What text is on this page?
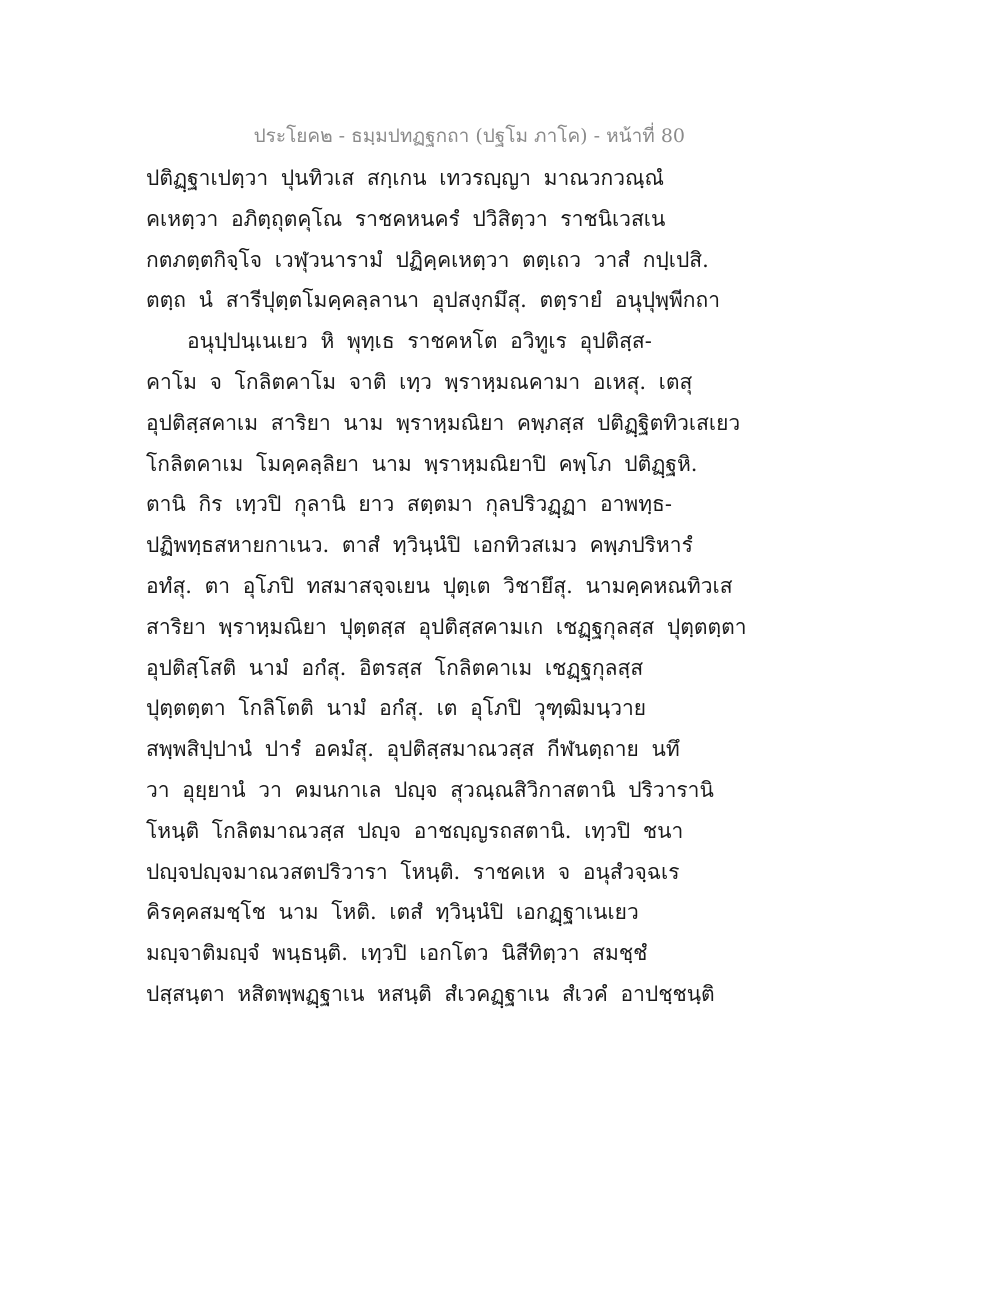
ประโยค๒ - ธมฺมปทฏฐกถา (ปฐโม ภาโค) - หน้าที่ 80
ปติฏฺฐาเปตฺวา ปุนทิวเส สกฺเกน เทวรญฺญา มาณวกวณฺณํ
คเหตฺวา อภิตฺถุตคุโณ ราชคหนครํ ปวิสิตฺวา ราชนิเวสเน
กตภตฺตกิจฺโจ เวฬุวนารามํ ปฏิคฺคเหตฺวา ตตฺเถว วาสํ กปฺเปสิ.
ตตฺถ นํ สารีปุตฺตโมคฺคลฺลานา อุปสงฺกมึสุ. ตตฺรายํ อนุปุพฺพีกถา
อนุปฺปนฺเนเยว หิ พุทฺเธ ราชคหโต อวิทูเร อุปติสฺส-
คาโม จ โกลิตคาโม จาติ เทฺว พฺราหฺมณคามา อเหสุ. เตสุ
อุปติสฺสคาเม สาริยา นาม พฺราหฺมณิยา คพฺภสฺส ปติฏฺฐิตทิวเสเยว
โกลิตคาเม โมคฺคลฺลิยา นาม พฺราหฺมณิยาปิ คพฺโภ ปติฏฺฐหิ.
ตานิ กิร เทฺวปิ กุลานิ ยาว สตฺตมา กุลปริวฏฺฏา อาพทฺธ-
ปฏิพทฺธสหายกาเนว. ตาสํ ทฺวินฺนํปิ เอกทิวสเมว คพฺภปริหารํ
อทํสุ. ตา อุโภปิ ทสมาสจฺจเยน ปุตฺเต วิชายึสุ. นามคฺคหณทิวเส
สาริยา พฺราหฺมณิยา ปุตฺตสฺส อุปติสฺสคามเก เชฏฺฐกุลสฺส ปุตฺตตฺตา
อุปติสฺโสติ นามํ อกํสุ. อิตรสฺส โกลิตคาเม เชฏฺฐกุลสฺส
ปุตฺตตฺตา โกลิโตติ นามํ อกํสุ. เต อุโภปิ วุฑฺฒิมนฺวาย
สพฺพสิปฺปานํ ปารํ อคมํสุ. อุปติสฺสมาณวสฺส กีฬนตฺถาย นทึ
วา อุยฺยานํ วา คมนกาเล ปญฺจ สุวณฺณสิวิกาสตานิ ปริวารานิ
โหนฺติ โกลิตมาณวสฺส ปญฺจ อาชญฺญรถสตานิ. เทฺวปิ ชนา
ปญฺจปญฺจมาณวสตปริวารา โหนฺติ. ราชคเห จ อนุสํวจฺฉเร
คิรคฺคสมชฺโช นาม โหติ. เตสํ ทฺวินฺนํปิ เอกฏฺฐาเนเยว
มญฺจาติมญฺจํ พนฺธนฺติ. เทฺวปิ เอกโตว นิสีทิตฺวา สมชฺชํ
ปสฺสนฺตา หสิตพฺพฏฺฐาเน หสนฺติ สํเวคฏฺฐาเน สํเวคํ อาปชฺชนฺติ
